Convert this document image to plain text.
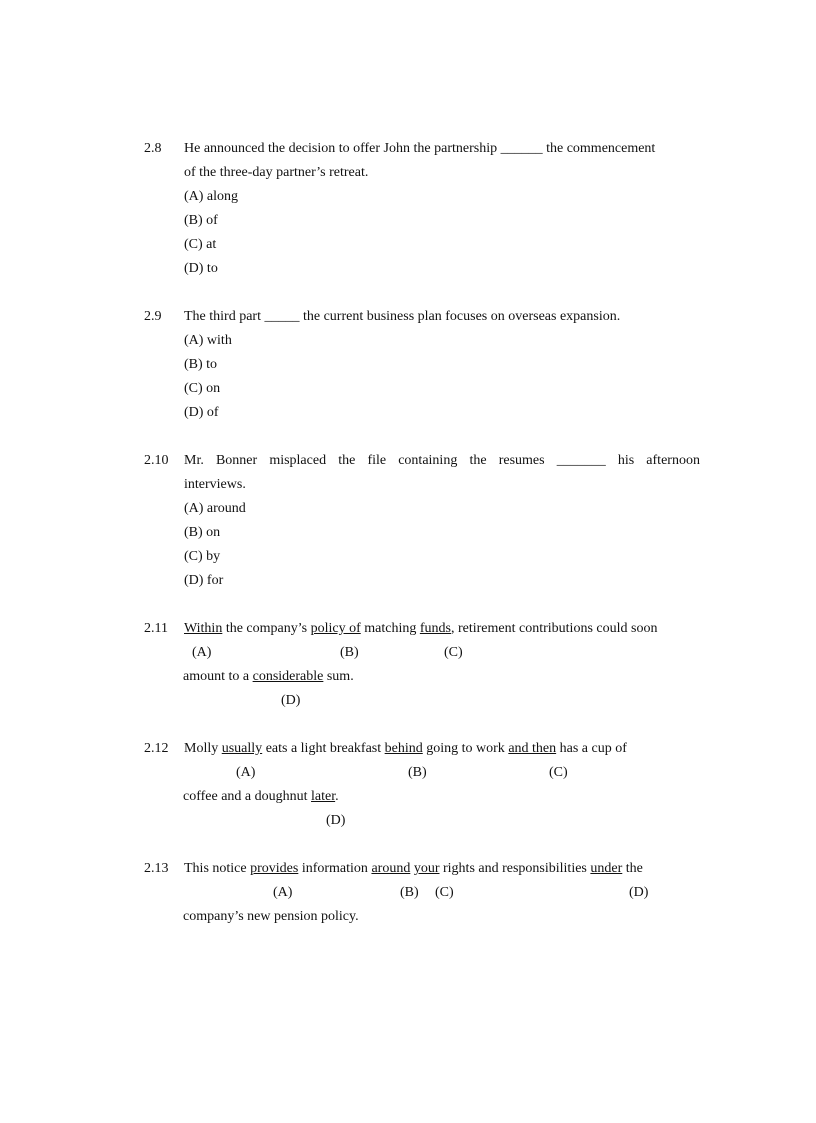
2.8 He announced the decision to offer John the partnership ______ the commencement
of the three-day partner’s retreat.
(A) along
(B) of
(C) at
(D) to
2.9 The third part _____ the current business plan focuses on overseas expansion.
(A) with
(B) to
(C) on
(D) of
2.10 Mr. Bonner misplaced the file containing the resumes _______ his afternoon
interviews.
(A) around
(B) on
(C) by
(D) for
2.11 Within the company’s policy of matching funds, retirement contributions could soon
(A)	(B)	(C)
amount to a considerable sum.
(D)
2.12 Molly usually eats a light breakfast behind going to work and then has a cup of
(A)	(B)	(C)
coffee and a doughnut later.
(D)
2.13 This notice provides information around your rights and responsibilities under the
(A)	(B) (C)	(D)
company’s new pension policy.
